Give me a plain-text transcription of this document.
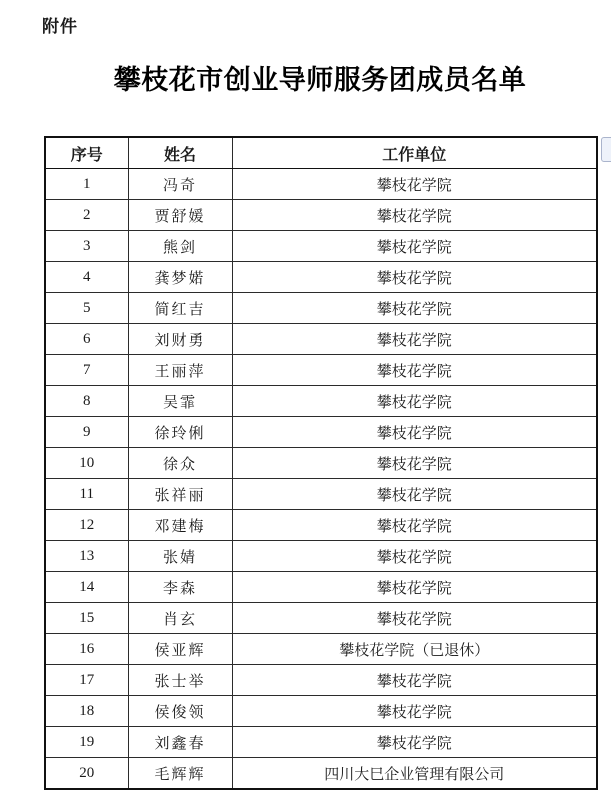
附件
攀枝花市创业导师服务团成员名单
序号	姓名	工作单位
1	冯奇	攀枝花学院
2	贾舒媛	攀枝花学院
3	熊剑	攀枝花学院
4	龚梦婼	攀枝花学院
5	简红吉	攀枝花学院
6	刘财勇	攀枝花学院
7	王丽萍	攀枝花学院
8	吴霏	攀枝花学院
9	徐玲俐	攀枝花学院
10	徐众	攀枝花学院
11	张祥丽	攀枝花学院
12	邓建梅	攀枝花学院
13	张婧	攀枝花学院
14	李森	攀枝花学院
15	肖玄	攀枝花学院
16	侯亚辉	攀枝花学院（已退休）
17	张士举	攀枝花学院
18	侯俊领	攀枝花学院
19	刘鑫春	攀枝花学院
20	毛辉辉	四川大巳企业管理有限公司
